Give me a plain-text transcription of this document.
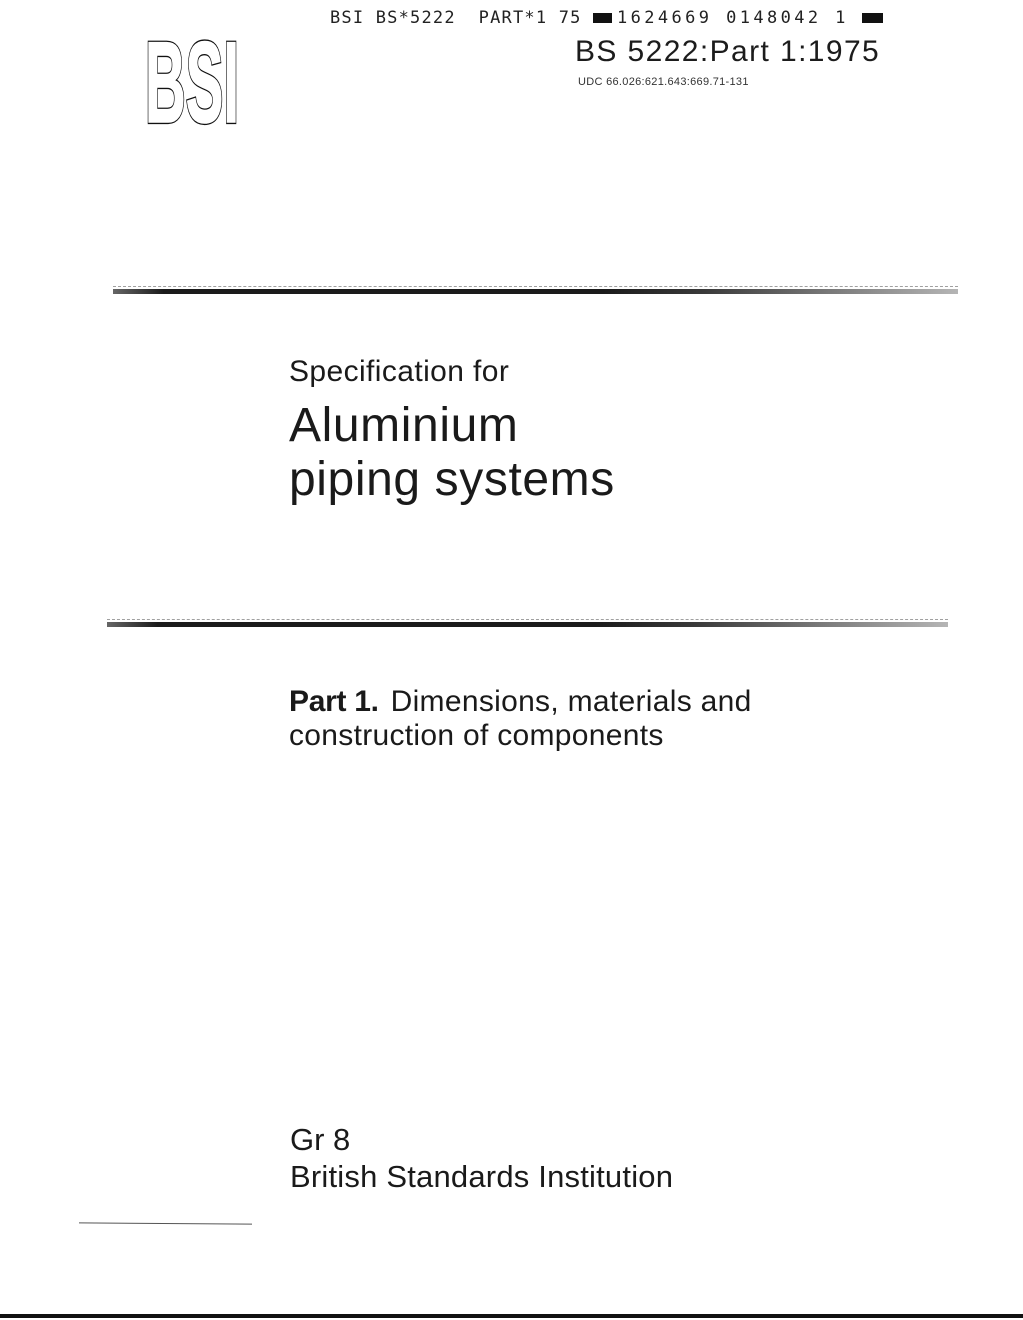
BSI BS*5222  PART*1 75 1624669 0148042 1
BSI
BSI	BS 5222:Part 1:1975
UDC 66.026:621.643:669.71-131
Specification for
Aluminium
piping systems
Part 1. Dimensions, materials and
construction of components
Gr 8
British Standards Institution
